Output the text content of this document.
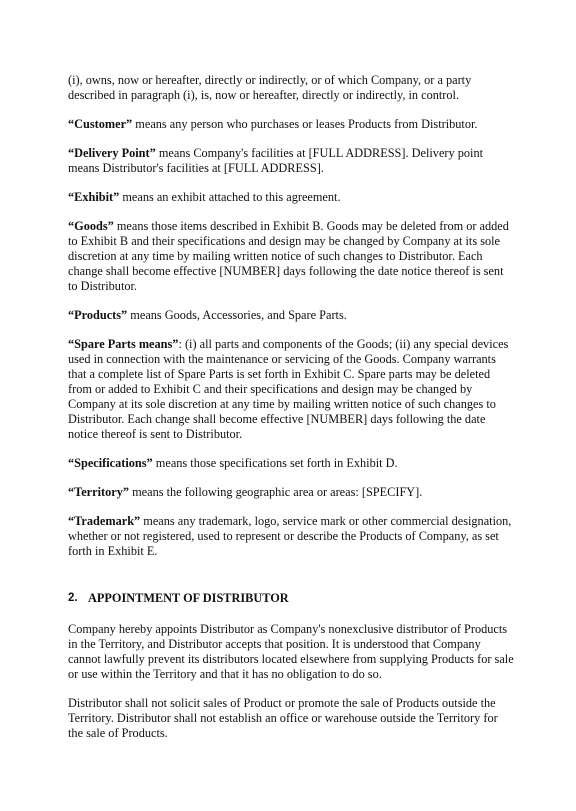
(i), owns, now or hereafter, directly or indirectly, or of which Company, or a party described in paragraph (i), is, now or hereafter, directly or indirectly, in control.

“Customer” means any person who purchases or leases Products from Distributor.

“Delivery Point” means Company's facilities at [FULL ADDRESS]. Delivery point means Distributor's facilities at [FULL ADDRESS].

“Exhibit” means an exhibit attached to this agreement.

“Goods” means those items described in Exhibit B. Goods may be deleted from or added to Exhibit B and their specifications and design may be changed by Company at its sole discretion at any time by mailing written notice of such changes to Distributor. Each change shall become effective [NUMBER] days following the date notice thereof is sent to Distributor.

“Products” means Goods, Accessories, and Spare Parts.

“Spare Parts means”: (i) all parts and components of the Goods; (ii) any special devices used in connection with the maintenance or servicing of the Goods. Company warrants that a complete list of Spare Parts is set forth in Exhibit C. Spare parts may be deleted from or added to Exhibit C and their specifications and design may be changed by Company at its sole discretion at any time by mailing written notice of such changes to Distributor. Each change shall become effective [NUMBER] days following the date notice thereof is sent to Distributor.

“Specifications” means those specifications set forth in Exhibit D.

“Territory” means the following geographic area or areas: [SPECIFY].

“Trademark” means any trademark, logo, service mark or other commercial designation, whether or not registered, used to represent or describe the Products of Company, as set forth in Exhibit E.

2. APPOINTMENT OF DISTRIBUTOR

Company hereby appoints Distributor as Company's nonexclusive distributor of Products in the Territory, and Distributor accepts that position. It is understood that Company cannot lawfully prevent its distributors located elsewhere from supplying Products for sale or use within the Territory and that it has no obligation to do so.

Distributor shall not solicit sales of Product or promote the sale of Products outside the Territory. Distributor shall not establish an office or warehouse outside the Territory for the sale of Products.
